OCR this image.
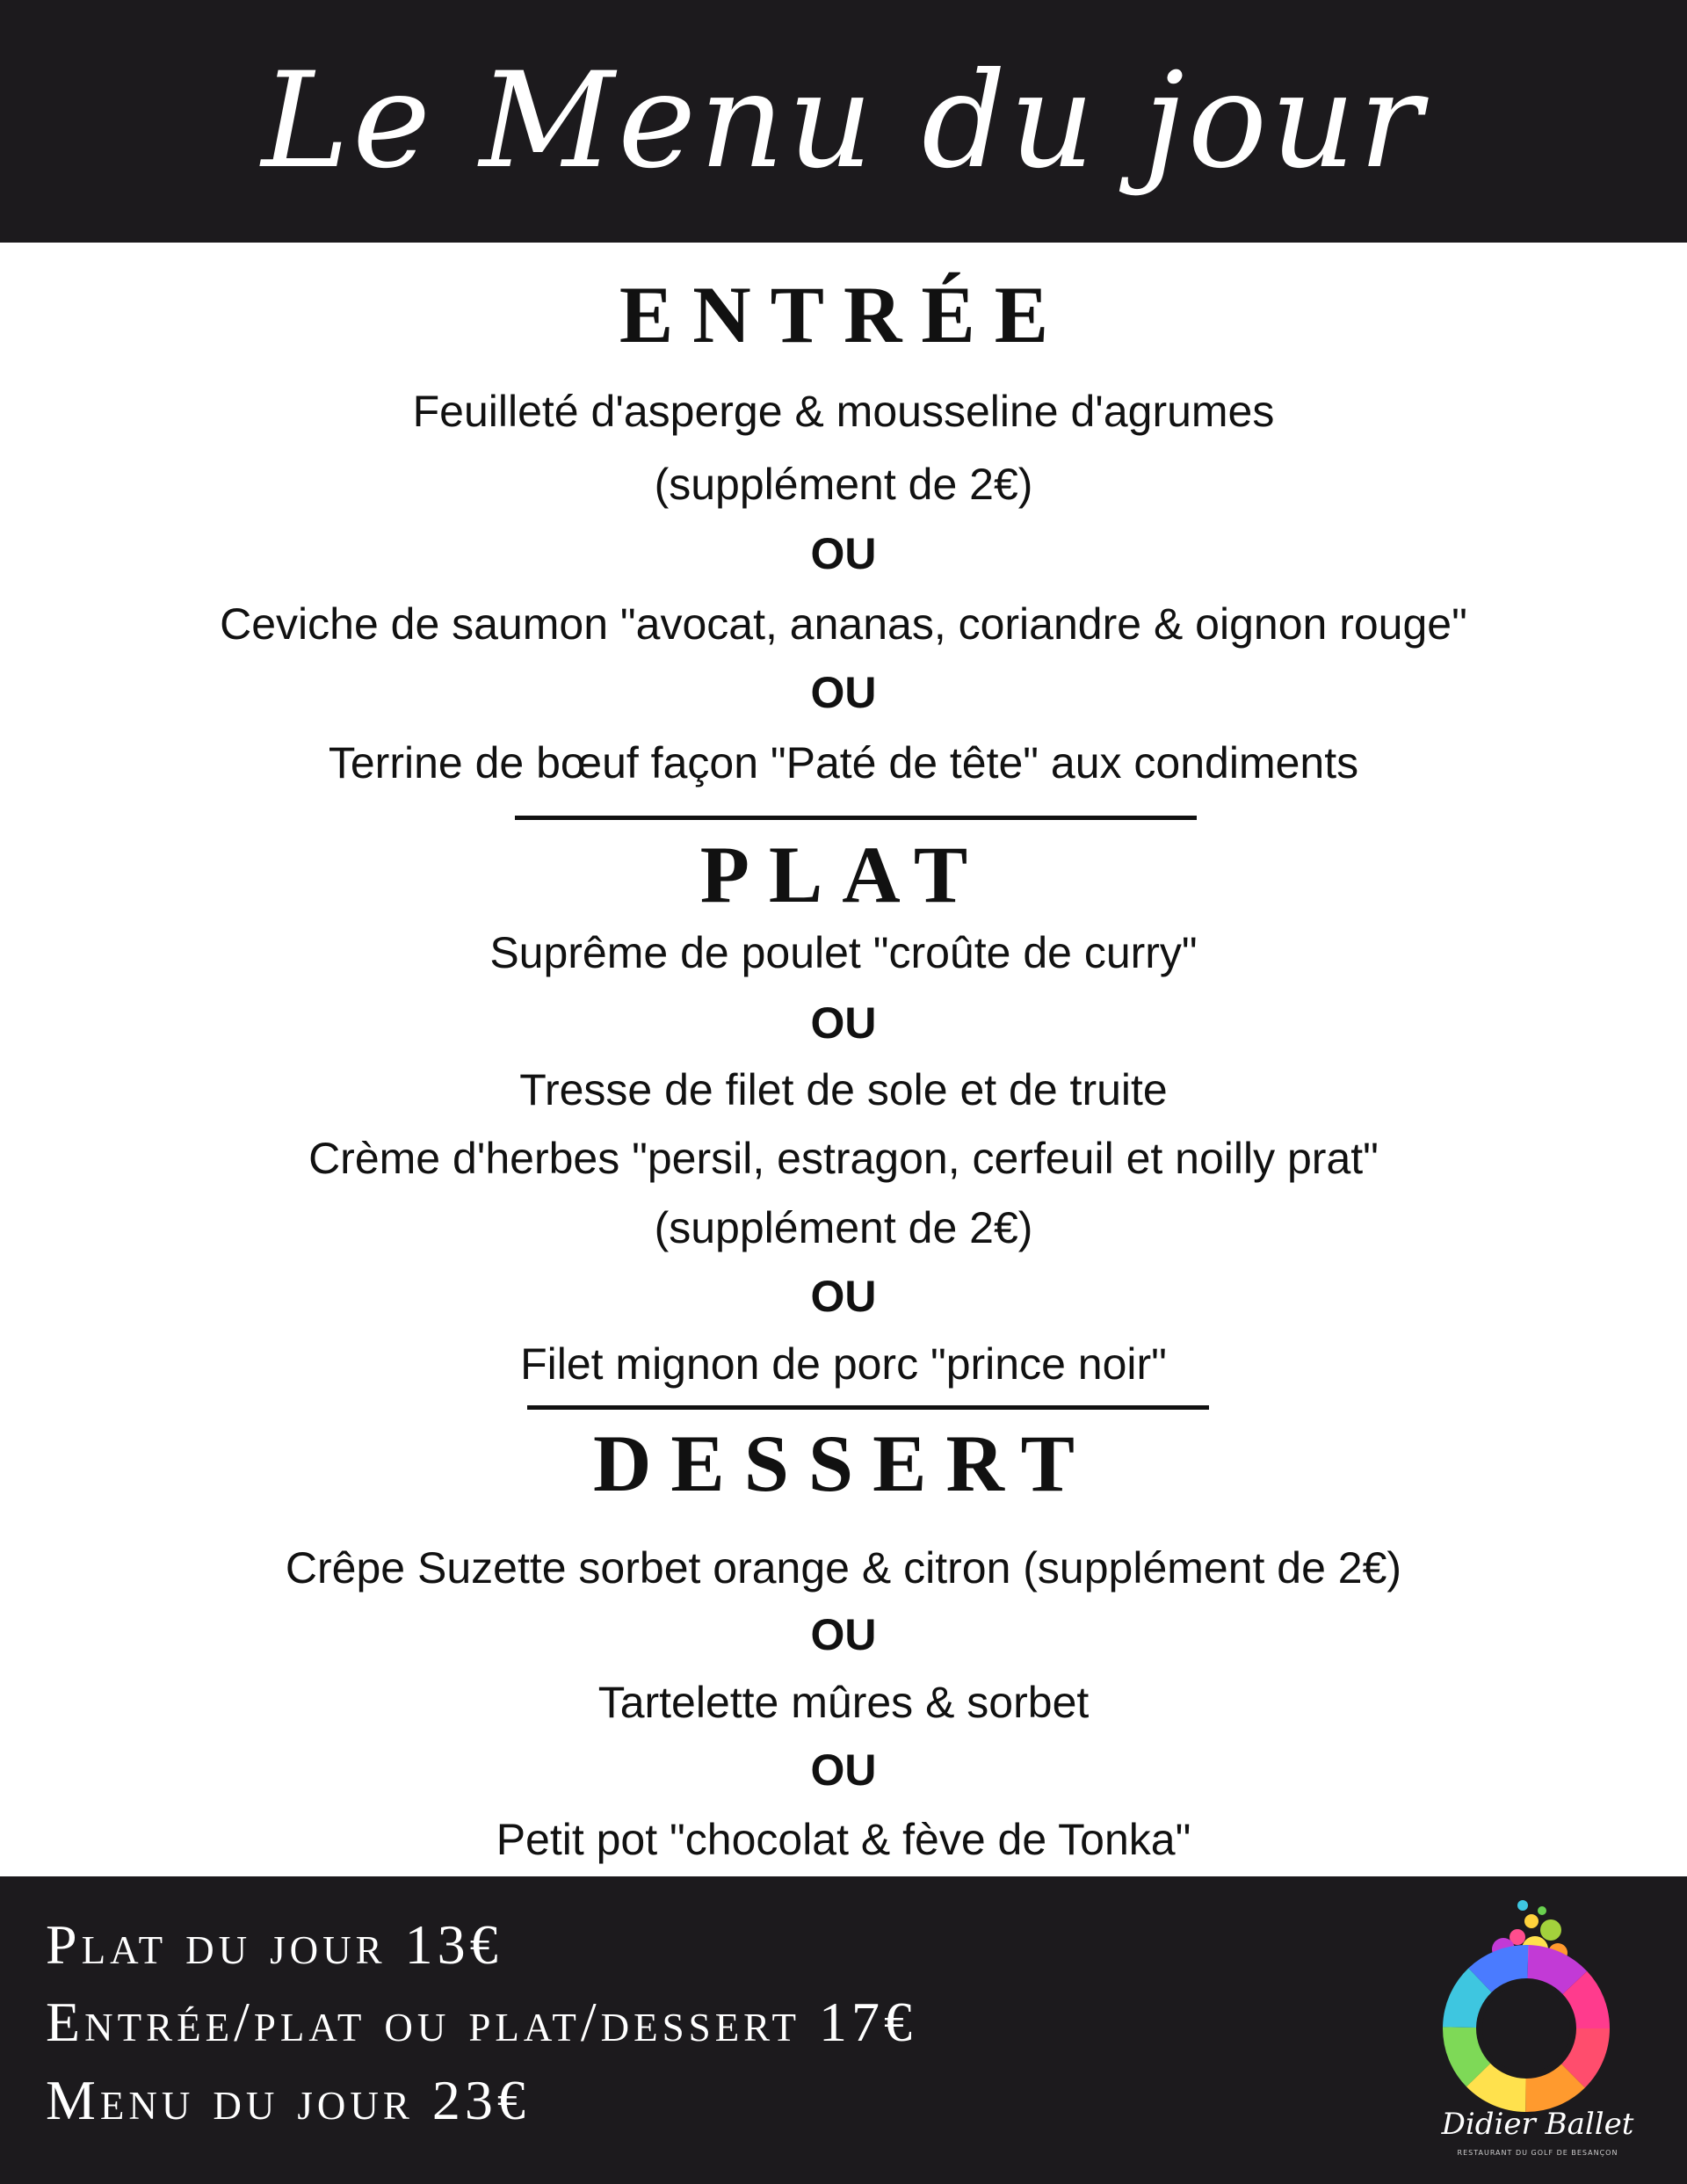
Le Menu du jour
ENTRÉE
Feuilleté d'asperge & mousseline d'agrumes
(supplément de 2€)
OU
Ceviche de saumon "avocat, ananas, coriandre & oignon rouge"
OU
Terrine de bœuf façon "Paté de tête" aux condiments
PLAT
Suprême de poulet "croûte de curry"
OU
Tresse de filet de sole et de truite
Crème d'herbes "persil, estragon, cerfeuil et noilly prat"
(supplément de 2€)
OU
Filet mignon de porc "prince noir"
DESSERT
Crêpe Suzette sorbet orange & citron (supplément de 2€)
OU
Tartelette mûres & sorbet
OU
Petit pot "chocolat & fève de Tonka"
Plat du jour 13€
Entrée/plat ou plat/dessert 17€
Menu du jour 23€	Didier Ballet
RESTAURANT DU GOLF DE BESANÇON
